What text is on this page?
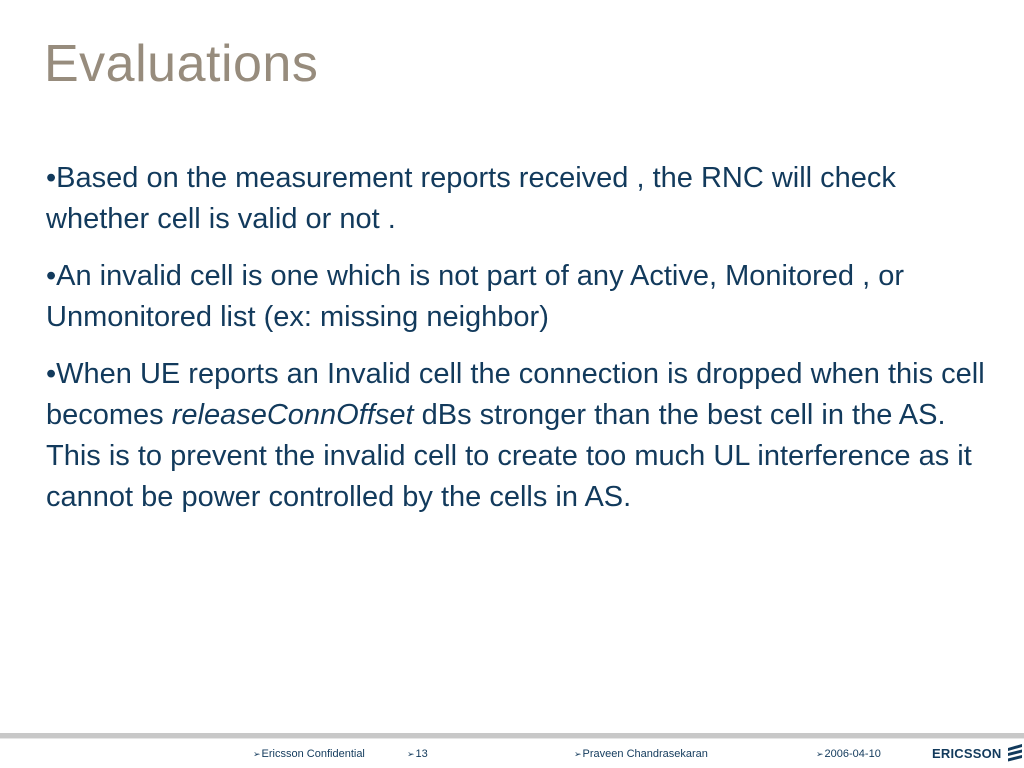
Evaluations

•Based on the measurement reports received , the RNC will check whether cell is valid or not .

•An invalid cell is one which is not part of any Active, Monitored , or Unmonitored list (ex: missing neighbor)

•When UE reports an Invalid cell the connection is dropped when this cell becomes releaseConnOffset dBs stronger than the best cell in the AS. This is to prevent the invalid cell to create too much UL interference as it cannot be power controlled by the cells in AS.

➢Ericsson Confidential	➢13	➢Praveen Chandrasekaran	➢2006-04-10	ERICSSON
